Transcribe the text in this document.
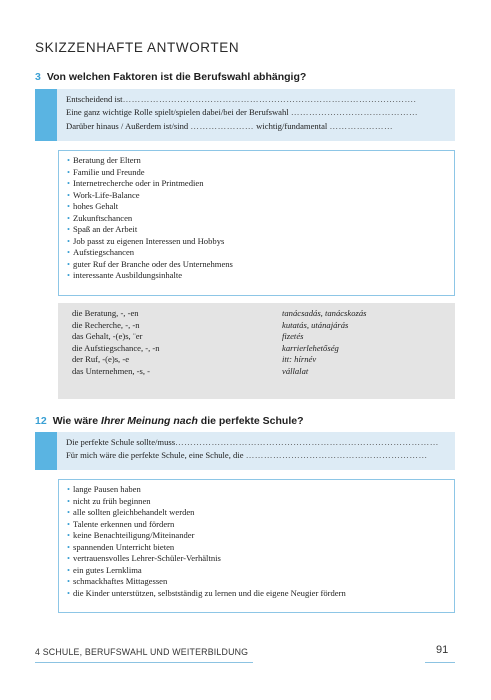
SKIZZENHAFTE ANTWORTEN
3 Von welchen Faktoren ist die Berufswahl abhängig?
Entscheidend ist…………………………………………………………………………………….
Eine ganz wichtige Rolle spielt/spielen dabei/bei der Berufswahl ……………………………………
Darüber hinaus / Außerdem ist/sind ………………… wichtig/fundamental …………………
• Beratung der Eltern
• Familie und Freunde
• Internetrecherche oder in Printmedien
• Work-Life-Balance
• hohes Gehalt
• Zukunftschancen
• Spaß an der Arbeit
• Job passt zu eigenen Interessen und Hobbys
• Aufstiegschancen
• guter Ruf der Branche oder des Unternehmens
• interessante Ausbildungsinhalte
die Beratung, -, -en	tanácsadás, tanácskozás
die Recherche, -, -n	kutatás, utánajárás
das Gehalt, -(e)s, ¨er	fizetés
die Aufstiegschance, -, -n	karrierlehetőség
der Ruf, -(e)s, -e	itt: hírnév
das Unternehmen, -s, -	vállalat
12 Wie wäre Ihrer Meinung nach die perfekte Schule?
Die perfekte Schule sollte/muss……………………………………………………………………………
Für mich wäre die perfekte Schule, eine Schule, die ……………………………………………………
• lange Pausen haben
• nicht zu früh beginnen
• alle sollten gleichbehandelt werden
• Talente erkennen und fördern
• keine Benachteiligung/Miteinander
• spannenden Unterricht bieten
• vertrauensvolles Lehrer-Schüler-Verhältnis
• ein gutes Lernklima
• schmackhaftes Mittagessen
• die Kinder unterstützen, selbstständig zu lernen und die eigene Neugier fördern
4 SCHULE, BERUFSWAHL UND WEITERBILDUNG	91
